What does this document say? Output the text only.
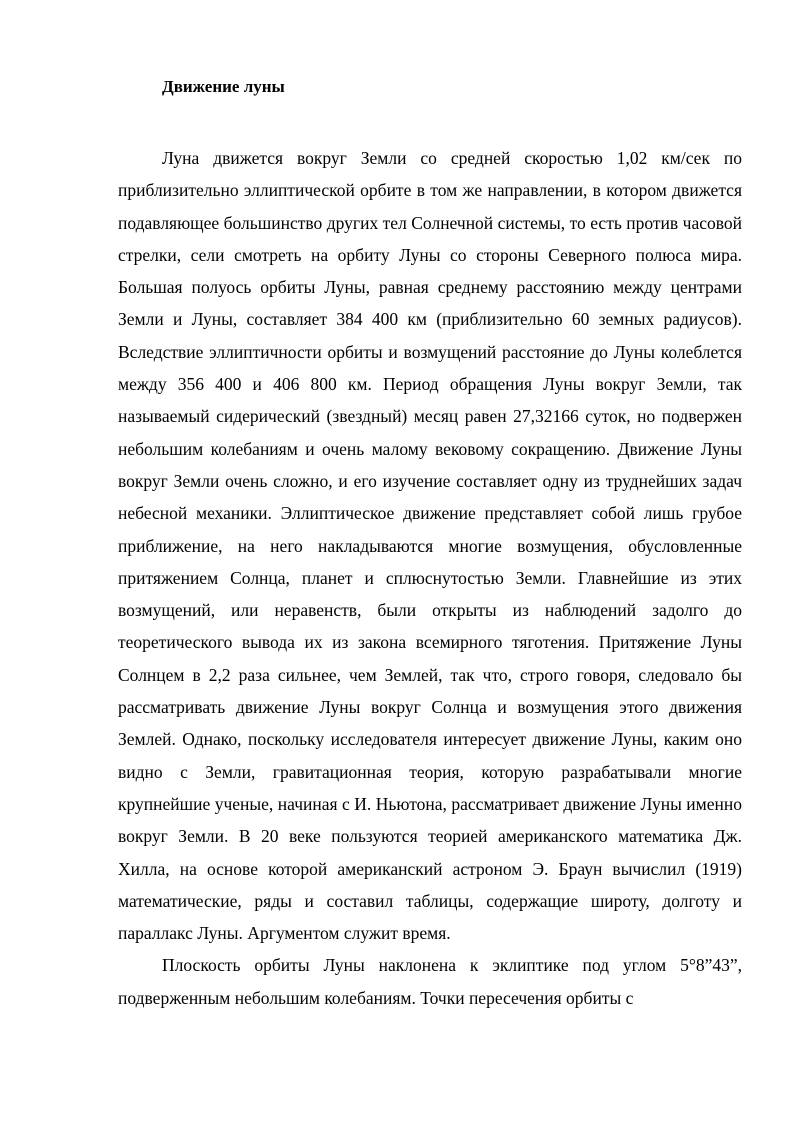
Движение луны

Луна движется вокруг Земли со средней скоростью 1,02 км/сек по приблизительно эллиптической орбите в том же направлении, в котором движется подавляющее большинство других тел Солнечной системы, то есть против часовой стрелки, сели смотреть на орбиту Луны со стороны Северного полюса мира. Большая полуось орбиты Луны, равная среднему расстоянию между центрами Земли и Луны, составляет 384 400 км (приблизительно 60 земных радиусов). Вследствие эллиптичности орбиты и возмущений расстояние до Луны колеблется между 356 400 и 406 800 км. Период обращения Луны вокруг Земли, так называемый сидерический (звездный) месяц равен 27,32166 суток, но подвержен небольшим колебаниям и очень малому вековому сокращению. Движение Луны вокруг Земли очень сложно, и его изучение составляет одну из труднейших задач небесной механики. Эллиптическое движение представляет собой лишь грубое приближение, на него накладываются многие возмущения, обусловленные притяжением Солнца, планет и сплюснутостью Земли. Главнейшие из этих возмущений, или неравенств, были открыты из наблюдений задолго до теоретического вывода их из закона всемирного тяготения. Притяжение Луны Солнцем в 2,2 раза сильнее, чем Землей, так что, строго говоря, следовало бы рассматривать движение Луны вокруг Солнца и возмущения этого движения Землей. Однако, поскольку исследователя интересует движение Луны, каким оно видно с Земли, гравитационная теория, которую разрабатывали многие крупнейшие ученые, начиная с И. Ньютона, рассматривает движение Луны именно вокруг Земли. В 20 веке пользуются теорией американского математика Дж. Хилла, на основе которой американский астроном Э. Браун вычислил (1919) математические, ряды и составил таблицы, содержащие широту, долготу и параллакс Луны. Аргументом служит время.

Плоскость орбиты Луны наклонена к эклиптике под углом 5°8”43”, подверженным небольшим колебаниям. Точки пересечения орбиты с
